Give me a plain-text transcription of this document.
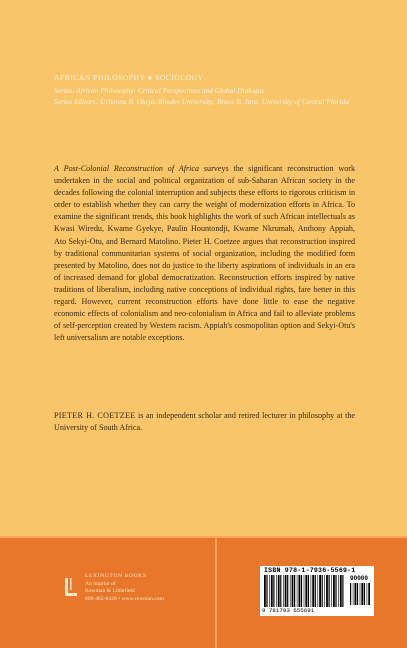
AFRICAN PHILOSOPHY ● SOCIOLOGY
Series: African Philosophy: Critical Perspectives and Global Dialogue
Series Editors: Uchenna B. Okeja, Rhodes University; Bruce B. Janz, University of Central Florida
A Post-Colonial Reconstruction of Africa surveys the significant reconstruction work undertaken in the social and political organization of sub-Saharan African society in the decades following the colonial interruption and subjects these efforts to rigorous criticism in order to establish whether they can carry the weight of modernization efforts in Africa. To examine the significant trends, this book highlights the work of such African intellectuals as Kwasi Wiredu, Kwame Gyekye, Paulin Hountondji, Kwame Nkrumah, Anthony Appiah, Ato Sekyi-Otu, and Bernard Matolino. Pieter H. Coetzee argues that reconstruction inspired by traditional communitarian systems of social organization, including the modified form presented by Matolino, does not do justice to the liberty aspirations of individuals in an era of increased demand for global democratization. Reconstruction efforts inspired by native traditions of liberalism, including native conceptions of individual rights, fare better in this regard. However, current reconstruction efforts have done little to ease the negative economic effects of colonialism and neo-colonialism in Africa and fail to alleviate problems of self-perception created by Western racism. Appiah's cosmopolitan option and Sekyi-Otu's left universalism are notable exceptions.
PIETER H. COETZEE is an independent scholar and retired lecturer in philosophy at the University of South Africa.
LEXINGTON BOOKS
An imprint of
Rowman & Littlefield
800-462-6420 • www.rowman.com
ISBN 978-1-7936-5569-1
90000
9 781793 655691
